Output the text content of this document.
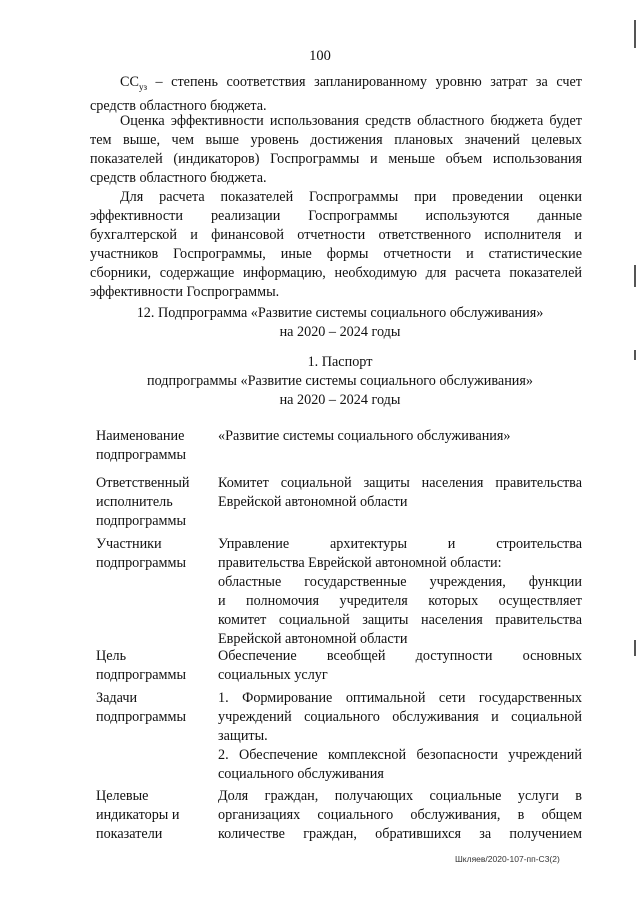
100
$СС_{уз}$ – степень соответствия запланированному уровню затрат за счет
средств областного бюджета.
Оценка эффективности использования средств областного бюджета будет
тем выше, чем выше уровень достижения плановых значений целевых
показателей (индикаторов) Госпрограммы и меньше объем использования
средств областного бюджета.
Для расчета показателей Госпрограммы при проведении оценки
эффективности реализации Госпрограммы используются данные
бухгалтерской и финансовой отчетности ответственного исполнителя и
участников Госпрограммы, иные формы отчетности и статистические
сборники, содержащие информацию, необходимую для расчета показателей
эффективности Госпрограммы.
12. Подпрограмма «Развитие системы социального обслуживания»
на 2020 – 2024 годы
1. Паспорт
подпрограммы «Развитие системы социального обслуживания»
на 2020 – 2024 годы
Наименование
подпрограммы
«Развитие системы социального обслуживания»
Ответственный
исполнитель
подпрограммы
Комитет социальной защиты населения правительства
Еврейской автономной области
Участники
подпрограммы
Управление архитектуры и строительства
правительства Еврейской автономной области:
областные государственные учреждения, функции
и полномочия учредителя которых осуществляет
комитет социальной защиты населения правительства
Еврейской автономной области
Цель
подпрограммы
Обеспечение всеобщей доступности основных
социальных услуг
Задачи
подпрограммы
1. Формирование оптимальной сети государственных
учреждений социального обслуживания и социальной
защиты.
2. Обеспечение комплексной безопасности учреждений
социального обслуживания
Целевые
индикаторы и
показатели
Доля граждан, получающих социальные услуги в
организациях социального обслуживания, в общем
количестве граждан, обратившихся за получением
Шкляев/2020-107-пп-С3(2)
